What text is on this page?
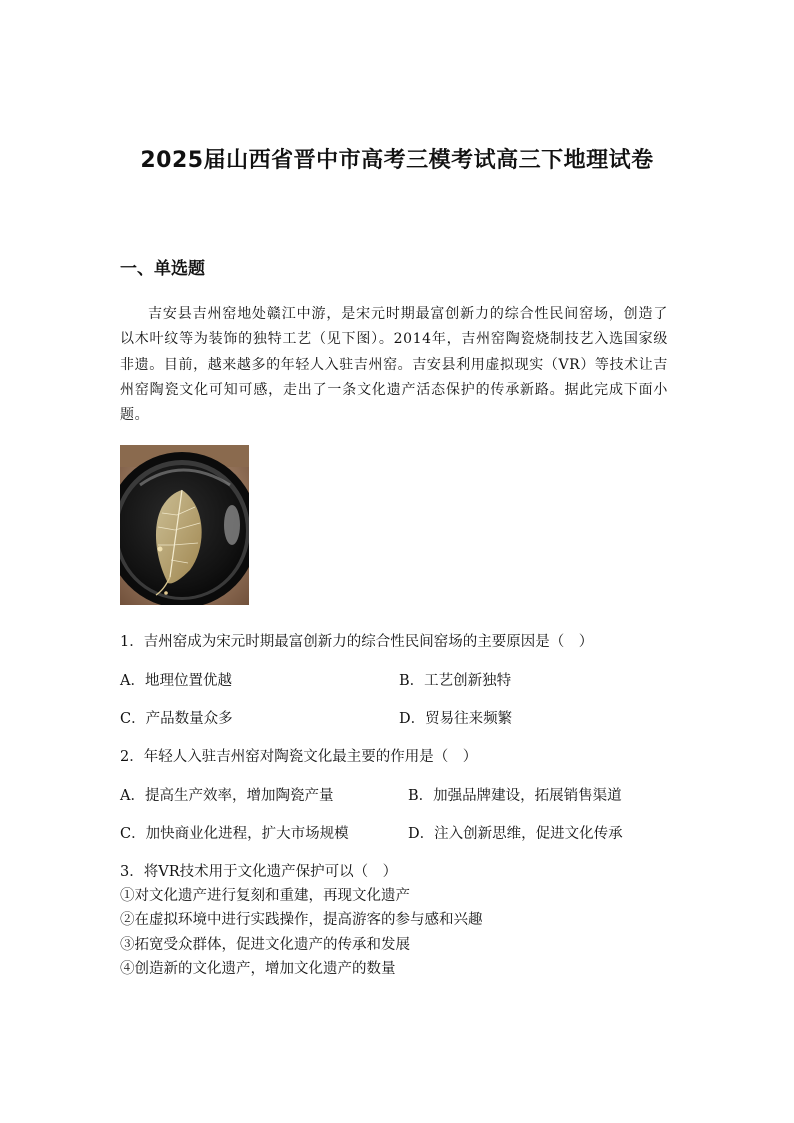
2025届山西省晋中市高考三模考试高三下地理试卷
一、单选题
吉安县吉州窑地处赣江中游，是宋元时期最富创新力的综合性民间窑场，创造了以木叶纹等为装饰的独特工艺（见下图）。2014年，吉州窑陶瓷烧制技艺入选国家级非遗。目前，越来越多的年轻人入驻吉州窑。吉安县利用虚拟现实（VR）等技术让吉州窑陶瓷文化可知可感，走出了一条文化遗产活态保护的传承新路。据此完成下面小题。
1．吉州窑成为宋元时期最富创新力的综合性民间窑场的主要原因是（　）
A．地理位置优越	B．工艺创新独特
C．产品数量众多	D．贸易往来频繁
2．年轻人入驻吉州窑对陶瓷文化最主要的作用是（　）
A．提高生产效率，增加陶瓷产量	B．加强品牌建设，拓展销售渠道
C．加快商业化进程，扩大市场规模	D．注入创新思维，促进文化传承
3．将VR技术用于文化遗产保护可以（　）
①对文化遗产进行复刻和重建，再现文化遗产
②在虚拟环境中进行实践操作，提高游客的参与感和兴趣
③拓宽受众群体，促进文化遗产的传承和发展
④创造新的文化遗产，增加文化遗产的数量
